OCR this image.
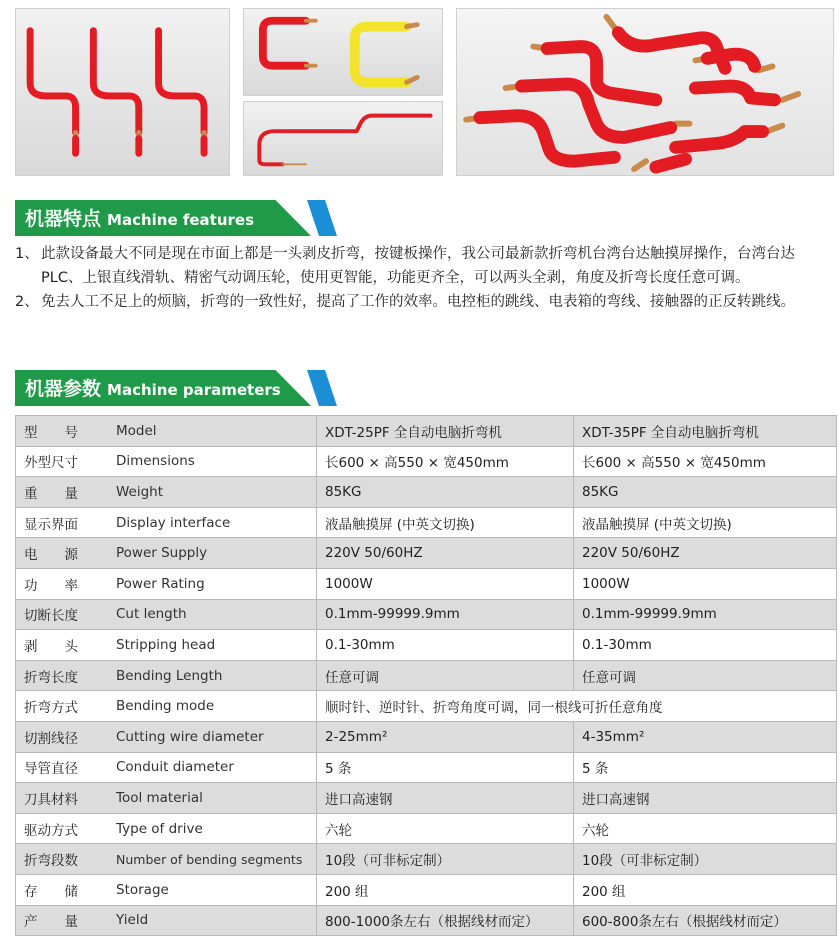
机器特点 Machine features
1、 此款设备最大不同是现在市面上都是一头剥皮折弯，按键板操作，我公司最新款折弯机台湾台达触摸屏操作，台湾台达PLC、上银直线滑轨、精密气动调压轮，使用更智能，功能更齐全，可以两头全剥，角度及折弯长度任意可调。
2、 免去人工不足上的烦脑，折弯的一致性好，提高了工作的效率。电控柜的跳线、电表箱的弯线、接触器的正反转跳线。
机器参数 Machine parameters
型　　号	Model	XDT-25PF 全自动电脑折弯机	XDT-35PF 全自动电脑折弯机
外型尺寸	Dimensions	长600 × 高550 × 宽450mm	长600 × 高550 × 宽450mm
重　　量	Weight	85KG	85KG
显示界面	Display interface	液晶触摸屏 (中英文切换)	液晶触摸屏 (中英文切换)
电　　源	Power Supply	220V 50/60HZ	220V 50/60HZ
功　　率	Power Rating	1000W	1000W
切断长度	Cut length	0.1mm-99999.9mm	0.1mm-99999.9mm
剥　　头	Stripping head	0.1-30mm	0.1-30mm
折弯长度	Bending Length	任意可调	任意可调
折弯方式	Bending mode	顺时针、逆时针、折弯角度可调，同一根线可折任意角度	
切割线径	Cutting wire diameter	2-25mm²	4-35mm²
导管直径	Conduit diameter	5 条	5 条
刀具材料	Tool material	进口高速钢	进口高速钢
驱动方式	Type of drive	六轮	六轮
折弯段数	Number of bending segments	10段（可非标定制）	10段（可非标定制）
存　　储	Storage	200 组	200 组
产　　量	Yield	800-1000条左右（根据线材而定）	600-800条左右（根据线材而定）
